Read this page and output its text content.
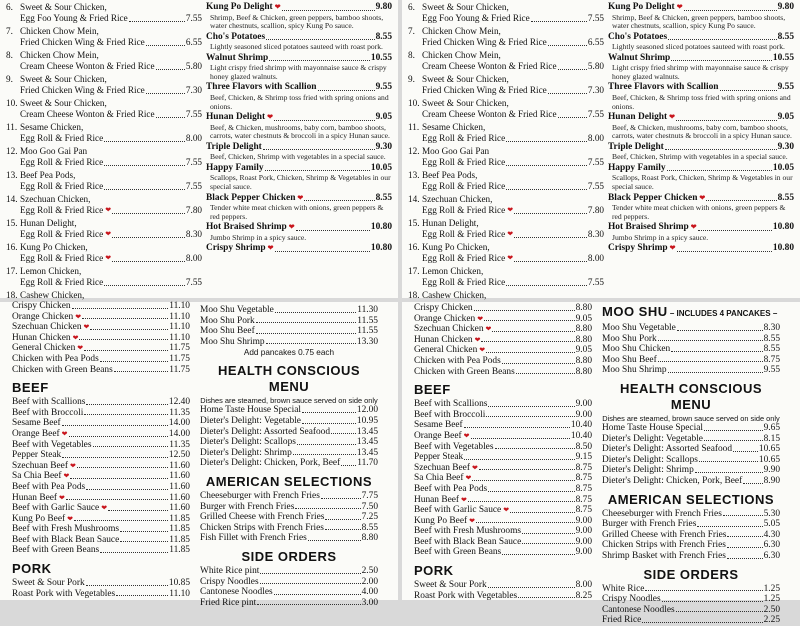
6. Sweet & Sour Chicken,
Egg Foo Young & Fried Rice	7.55
7. Chicken Chow Mein,
Fried Chicken Wing & Fried Rice	6.55
8. Chicken Chow Mein,
Cream Cheese Wonton & Fried Rice	5.80
9. Sweet & Sour Chicken,
Fried Chicken Wing & Fried Rice	7.30
10. Sweet & Sour Chicken,
Cream Cheese Wonton & Fried Rice	7.55
11. Sesame Chicken,
Egg Roll & Fried Rice	8.00
12. Moo Goo Gai Pan
Egg Roll & Fried Rice	7.55
13. Beef Pea Pods,
Egg Roll & Fried Rice	7.55
14. Szechuan Chicken,
Egg Roll & Fried Rice ❤	7.80
15. Hunan Delight,
Egg Roll & Fried Rice ❤	8.30
16. Kung Po Chicken,
Egg Roll & Fried Rice ❤	8.00
17. Lemon Chicken,
Egg Roll & Fried Rice	7.55
18. Cashew Chicken,
Kung Po Delight ❤	9.80
Shrimp, Beef & Chicken, green peppers, bamboo shoots, water chestnuts, scallion, spicy Kung Po sauce.
Cho's Potatoes	8.55
Lightly seasoned sliced potatoes sauteed with roast pork.
Walnut Shrimp	10.55
Light crispy fried shrimp with mayonnaise sauce & crispy honey glazed walnuts.
Three Flavors with Scallion	9.55
Beef, Chicken, & Shrimp toss fried with spring onions and onions.
Hunan Delight ❤	9.05
Beef, & Chicken, mushrooms, baby corn, bamboo shoots, carrots, water chestnuts & broccoli in a spicy Hunan sauce.
Triple Delight	9.30
Beef, Chicken, Shrimp with vegetables in a special sauce.
Happy Family	10.05
Scallops, Roast Pork, Chicken, Shrimp & Vegetables in our special sauce.
Black Pepper Chicken ❤	8.55
Tender white meat chicken with onions, green peppers & red peppers.
Hot Braised Shrimp ❤	10.80
Jumbo Shrimp in a spicy sauce.
Crispy Shrimp ❤	10.80
6. Sweet & Sour Chicken,
Egg Foo Young & Fried Rice	7.55
7. Chicken Chow Mein,
Fried Chicken Wing & Fried Rice	6.55
8. Chicken Chow Mein,
Cream Cheese Wonton & Fried Rice	5.80
9. Sweet & Sour Chicken,
Fried Chicken Wing & Fried Rice	7.30
10. Sweet & Sour Chicken,
Cream Cheese Wonton & Fried Rice	7.55
11. Sesame Chicken,
Egg Roll & Fried Rice	8.00
12. Moo Goo Gai Pan
Egg Roll & Fried Rice	7.55
13. Beef Pea Pods,
Egg Roll & Fried Rice	7.55
14. Szechuan Chicken,
Egg Roll & Fried Rice ❤	7.80
15. Hunan Delight,
Egg Roll & Fried Rice ❤	8.30
16. Kung Po Chicken,
Egg Roll & Fried Rice ❤	8.00
17. Lemon Chicken,
Egg Roll & Fried Rice	7.55
18. Cashew Chicken,
Kung Po Delight ❤	9.80
Shrimp, Beef & Chicken, green peppers, bamboo shoots, water chestnuts, scallion, spicy Kung Po sauce.
Cho's Potatoes	8.55
Lightly seasoned sliced potatoes sauteed with roast pork.
Walnut Shrimp	10.55
Light crispy fried shrimp with mayonnaise sauce & crispy honey glazed walnuts.
Three Flavors with Scallion	9.55
Beef, Chicken, & Shrimp toss fried with spring onions and onions.
Hunan Delight ❤	9.05
Beef, & Chicken, mushrooms, baby corn, bamboo shoots, carrots, water chestnuts & broccoli in a spicy Hunan sauce.
Triple Delight	9.30
Beef, Chicken, Shrimp with vegetables in a special sauce.
Happy Family	10.05
Scallops, Roast Pork, Chicken, Shrimp & Vegetables in our special sauce.
Black Pepper Chicken ❤	8.55
Tender white meat chicken with onions, green peppers & red peppers.
Hot Braised Shrimp ❤	10.80
Jumbo Shrimp in a spicy sauce.
Crispy Shrimp ❤	10.80
Crispy Chicken	11.10
Orange Chicken ❤	11.10
Szechuan Chicken ❤	11.10
Hunan Chicken ❤	11.10
General Chicken ❤	11.75
Chicken with Pea Pods	11.75
Chicken with Green Beans	11.75
BEEF
Beef with Scallions	12.40
Beef with Broccoli	11.35
Sesame Beef	14.00
Orange Beef ❤	14.00
Beef with Vegetables	11.35
Pepper Steak	12.50
Szechuan Beef ❤	11.60
Sa Chia Beef ❤	11.60
Beef with Pea Pods	11.60
Hunan Beef ❤	11.60
Beef with Garlic Sauce ❤	11.60
Kung Po Beef ❤	11.85
Beef with Fresh Mushrooms	11.85
Beef with Black Bean Sauce	11.85
Beef with Green Beans	11.85
PORK
Sweet & Sour Pork	10.85
Roast Pork with Vegetables	11.10
Moo Shu Vegetable	11.30
Moo Shu Pork	11.55
Moo Shu Beef	11.55
Moo Shu Shrimp	13.30
Add pancakes 0.75 each
HEALTH CONSCIOUS MENU
Dishes are steamed, brown sauce served on side only
Home Taste House Special	12.00
Dieter's Delight: Vegetable	10.95
Dieter's Delight: Assorted Seafood	13.45
Dieter's Delight: Scallops	13.45
Dieter's Delight: Shrimp	13.45
Dieter's Delight: Chicken, Pork, Beef 11.70
AMERICAN SELECTIONS
Cheeseburger with French Fries	7.75
Burger with French Fries	7.50
Grilled Cheese with French Fries	7.25
Chicken Strips with French Fries	8.55
Fish Fillet with French Fries	8.80
SIDE ORDERS
White Rice pint	2.50
Crispy Noodles	2.00
Cantonese Noodles	4.00
Fried Rice pint	3.00
Crispy Chicken	8.80
Orange Chicken ❤	9.05
Szechuan Chicken ❤	8.80
Hunan Chicken ❤	8.80
General Chicken ❤	9.05
Chicken with Pea Pods	8.80
Chicken with Green Beans	8.80
BEEF
Beef with Scallions	9.00
Beef with Broccoli	9.00
Sesame Beef	10.40
Orange Beef ❤	10.40
Beef with Vegetables	8.50
Pepper Steak	9.15
Szechuan Beef ❤	8.75
Sa Chia Beef ❤	8.75
Beef with Pea Pods	8.75
Hunan Beef ❤	8.75
Beef with Garlic Sauce ❤	8.75
Kung Po Beef ❤	9.00
Beef with Fresh Mushrooms	9.00
Beef with Black Bean Sauce	9.00
Beef with Green Beans	9.00
PORK
Sweet & Sour Pork	8.00
Roast Pork with Vegetables	8.25
MOO SHU – INCLUDES 4 PANCAKES –
Moo Shu Vegetable	8.30
Moo Shu Pork	8.55
Moo Shu Chicken	8.55
Moo Shu Beef	8.75
Moo Shu Shrimp	9.55
HEALTH CONSCIOUS MENU
Dishes are steamed, brown sauce served on side only
Home Taste House Special	9.65
Dieter's Delight: Vegetable	8.15
Dieter's Delight: Assorted Seafood	10.65
Dieter's Delight: Scallops	10.65
Dieter's Delight: Shrimp	9.90
Dieter's Delight: Chicken, Pork, Beef 8.90
AMERICAN SELECTIONS
Cheeseburger with French Fries	5.30
Burger with French Fries	5.05
Grilled Cheese with French Fries	4.30
Chicken Strips with French Fries	6.30
Shrimp Basket with French Fries	6.30
SIDE ORDERS
White Rice	1.25
Crispy Noodles	1.25
Cantonese Noodles	2.50
Fried Rice	2.25
